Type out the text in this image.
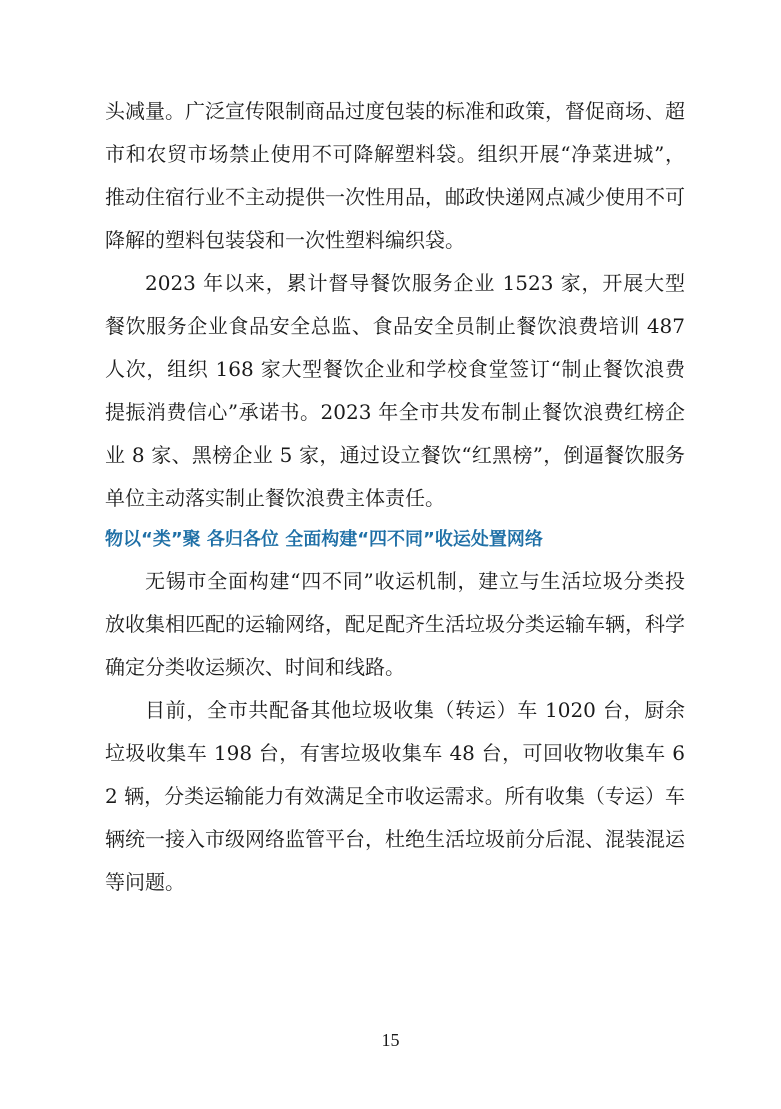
头减量。广泛宣传限制商品过度包装的标准和政策，督促商场、超市和农贸市场禁止使用不可降解塑料袋。组织开展“净菜进城”，推动住宿行业不主动提供一次性用品，邮政快递网点减少使用不可降解的塑料包装袋和一次性塑料编织袋。

2023 年以来，累计督导餐饮服务企业 1523 家，开展大型餐饮服务企业食品安全总监、食品安全员制止餐饮浪费培训 487 人次，组织 168 家大型餐饮企业和学校食堂签订“制止餐饮浪费 提振消费信心”承诺书。2023 年全市共发布制止餐饮浪费红榜企业 8 家、黑榜企业 5 家，通过设立餐饮“红黑榜”，倒逼餐饮服务单位主动落实制止餐饮浪费主体责任。

物以“类”聚 各归各位 全面构建“四不同”收运处置网络

无锡市全面构建“四不同”收运机制，建立与生活垃圾分类投放收集相匹配的运输网络，配足配齐生活垃圾分类运输车辆，科学确定分类收运频次、时间和线路。

目前，全市共配备其他垃圾收集（转运）车 1020 台，厨余垃圾收集车 198 台，有害垃圾收集车 48 台，可回收物收集车 62 辆，分类运输能力有效满足全市收运需求。所有收集（专运）车辆统一接入市级网络监管平台，杜绝生活垃圾前分后混、混装混运等问题。

15
